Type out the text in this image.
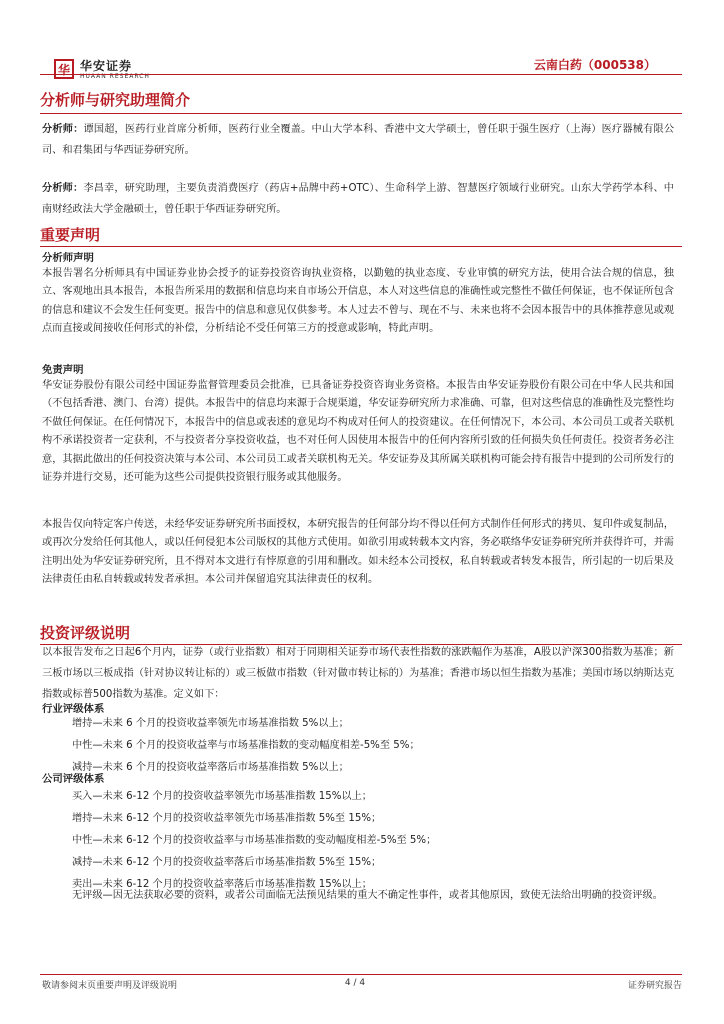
华 华安证券
HUAAN RESEARCH
云南白药（000538）
分析师与研究助理简介
分析师：谭国超，医药行业首席分析师，医药行业全覆盖。中山大学本科、香港中文大学硕士，曾任职于强生医疗（上海）医疗器械有限公司、和君集团与华西证券研究所。
分析师：李昌幸，研究助理，主要负责消费医疗（药店+品牌中药+OTC）、生命科学上游、智慧医疗领域行业研究。山东大学药学本科、中南财经政法大学金融硕士，曾任职于华西证券研究所。
重要声明
分析师声明
本报告署名分析师具有中国证券业协会授予的证券投资咨询执业资格，以勤勉的执业态度、专业审慎的研究方法，使用合法合规的信息，独立、客观地出具本报告，本报告所采用的数据和信息均来自市场公开信息，本人对这些信息的准确性或完整性不做任何保证，也不保证所包含的信息和建议不会发生任何变更。报告中的信息和意见仅供参考。本人过去不曾与、现在不与、未来也将不会因本报告中的具体推荐意见或观点而直接或间接收任何形式的补偿，分析结论不受任何第三方的授意或影响，特此声明。
免责声明
华安证券股份有限公司经中国证券监督管理委员会批准，已具备证券投资咨询业务资格。本报告由华安证券股份有限公司在中华人民共和国（不包括香港、澳门、台湾）提供。本报告中的信息均来源于合规渠道，华安证券研究所力求准确、可靠，但对这些信息的准确性及完整性均不做任何保证。在任何情况下，本报告中的信息或表述的意见均不构成对任何人的投资建议。在任何情况下，本公司、本公司员工或者关联机构不承诺投资者一定获利，不与投资者分享投资收益，也不对任何人因使用本报告中的任何内容所引致的任何损失负任何责任。投资者务必注意，其据此做出的任何投资决策与本公司、本公司员工或者关联机构无关。华安证券及其所属关联机构可能会持有报告中提到的公司所发行的证券并进行交易，还可能为这些公司提供投资银行服务或其他服务。
本报告仅向特定客户传送，未经华安证券研究所书面授权，本研究报告的任何部分均不得以任何方式制作任何形式的拷贝、复印件或复制品，或再次分发给任何其他人，或以任何侵犯本公司版权的其他方式使用。如欲引用或转载本文内容，务必联络华安证券研究所并获得许可，并需注明出处为华安证券研究所，且不得对本文进行有悖原意的引用和删改。如未经本公司授权，私自转载或者转发本报告，所引起的一切后果及法律责任由私自转载或转发者承担。本公司并保留追究其法律责任的权利。
投资评级说明
以本报告发布之日起6个月内，证券（或行业指数）相对于同期相关证券市场代表性指数的涨跌幅作为基准，A股以沪深300指数为基准；新三板市场以三板成指（针对协议转让标的）或三板做市指数（针对做市转让标的）为基准；香港市场以恒生指数为基准；美国市场以纳斯达克指数或标普500指数为基准。定义如下：
行业评级体系
增持—未来 6 个月的投资收益率领先市场基准指数 5%以上；
中性—未来 6 个月的投资收益率与市场基准指数的变动幅度相差-5%至 5%；
减持—未来 6 个月的投资收益率落后市场基准指数 5%以上；
公司评级体系
买入—未来 6-12 个月的投资收益率领先市场基准指数 15%以上；
增持—未来 6-12 个月的投资收益率领先市场基准指数 5%至 15%；
中性—未来 6-12 个月的投资收益率与市场基准指数的变动幅度相差-5%至 5%；
减持—未来 6-12 个月的投资收益率落后市场基准指数 5%至 15%；
卖出—未来 6-12 个月的投资收益率落后市场基准指数 15%以上；
无评级—因无法获取必要的资料，或者公司面临无法预见结果的重大不确定性事件，或者其他原因，致使无法给出明确的投资评级。
敬请参阅末页重要声明及评级说明	4 / 4	证券研究报告
